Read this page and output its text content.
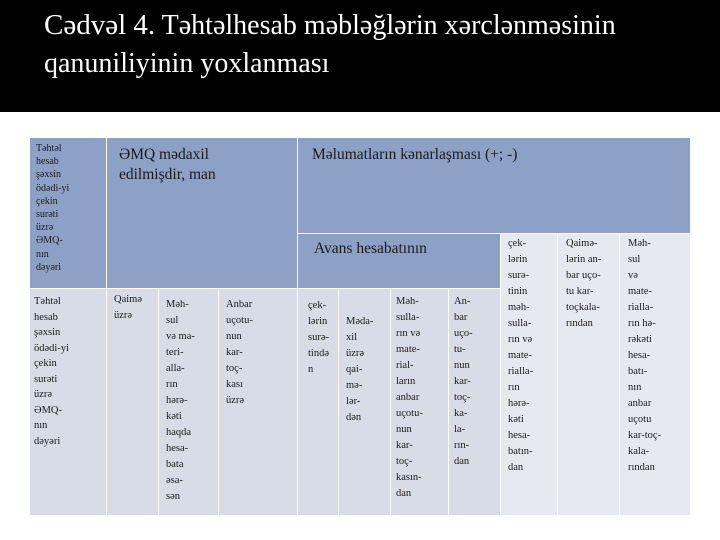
Cədvəl 4. Təhtəlhesab məbləğlərin xərclənməsinin
qanuniliyinin yoxlanması
Təhtəl
hesab
şəxsin
ödədi-yi
çekin
surəti
üzrə
ƏMQ-
nın
dəyəri
ƏMQ mədaxil
edilmişdir, man
Məlumatların kənarlaşması (+; -)
Avans hesabatının
Təhtəl
hesab
şəxsin
ödədi-yi
çekin
surəti
üzrə
ƏMQ-
nın
dəyəri
Qaimə
üzrə
Məh-
sul
və ma-
teri-
alla-
rın
hərə-
kəti
haqda
hesa-
bata
əsa-
sən
Anbar
uçotu-
nun
kar-
toç-
kası
üzrə
çek-
lərin
surə-
tində
n
Məda-
xil
üzrə
qai-
mə-
lər-
dən
Məh-
sulla-
rın və
mate-
rial-
ların
anbar
uçotu-
nun
kar-
toç-
kasın-
dan
An-
bar
uço-
tu-
nun
kar-
toç-
ka-
la-
rın-
dan
çek-
lərin
surə-
tinin
məh-
sulla-
rın və
mate-
rialla-
rın
hərə-
kəti
hesa-
batın-
dan
Qaimə-
lərin an-
bar uço-
tu kar-
toçkala-
rından
Məh-
sul
və
mate-
rialla-
rın hə-
rəkəti
hesa-
batı-
nın
anbar
uçotu
kar-toç-
kala-
rından
